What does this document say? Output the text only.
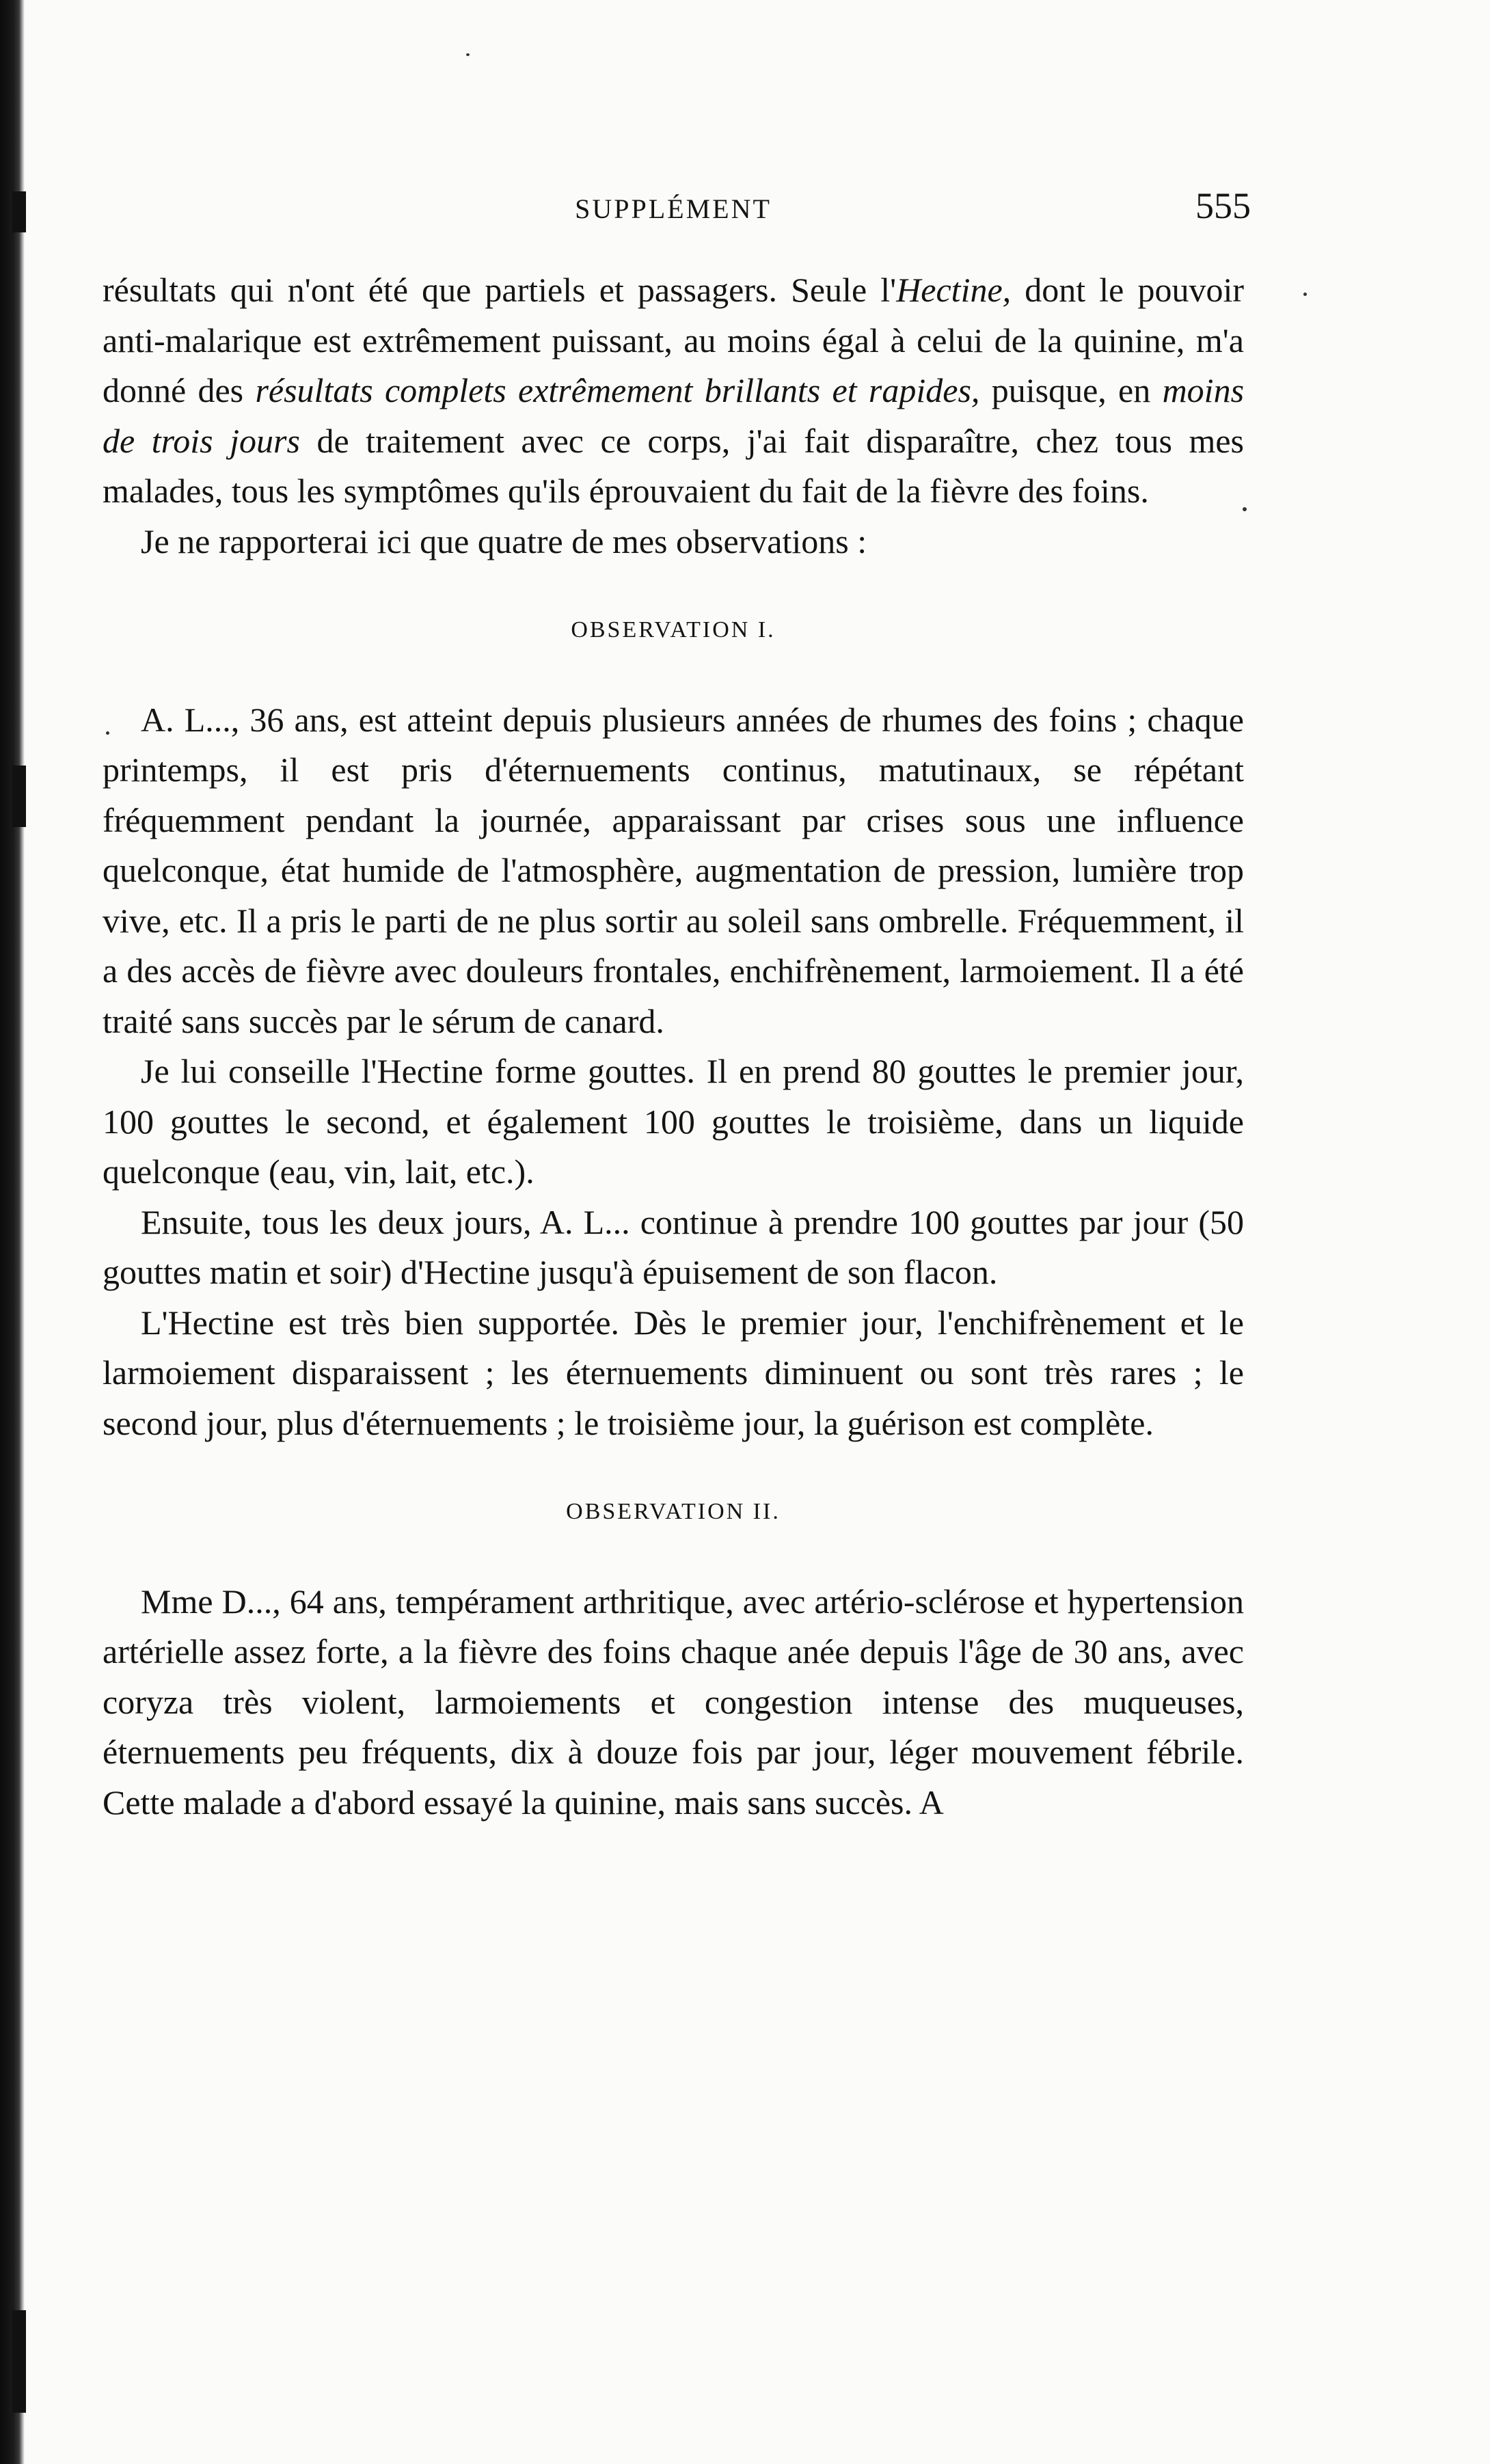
SUPPLÉMENT	555

résultats qui n'ont été que partiels et passagers. Seule l'Hectine, dont le pouvoir anti-malarique est extrêmement puissant, au moins égal à celui de la quinine, m'a donné des résultats complets extrêmement brillants et rapides, puisque, en moins de trois jours de traitement avec ce corps, j'ai fait disparaître, chez tous mes malades, tous les symptômes qu'ils éprouvaient du fait de la fièvre des foins.

Je ne rapporterai ici que quatre de mes observations :

OBSERVATION I.

A. L..., 36 ans, est atteint depuis plusieurs années de rhumes des foins ; chaque printemps, il est pris d'éternuements continus, matutinaux, se répétant fréquemment pendant la journée, apparaissant par crises sous une influence quelconque, état humide de l'atmosphère, augmentation de pression, lumière trop vive, etc. Il a pris le parti de ne plus sortir au soleil sans ombrelle. Fréquemment, il a des accès de fièvre avec douleurs frontales, enchifrènement, larmoiement. Il a été traité sans succès par le sérum de canard.

Je lui conseille l'Hectine forme gouttes. Il en prend 80 gouttes le premier jour, 100 gouttes le second, et également 100 gouttes le troisième, dans un liquide quelconque (eau, vin, lait, etc.).

Ensuite, tous les deux jours, A. L... continue à prendre 100 gouttes par jour (50 gouttes matin et soir) d'Hectine jusqu'à épuisement de son flacon.

L'Hectine est très bien supportée. Dès le premier jour, l'enchifrènement et le larmoiement disparaissent ; les éternuements diminuent ou sont très rares ; le second jour, plus d'éternuements ; le troisième jour, la guérison est complète.

OBSERVATION II.

Mme D..., 64 ans, tempérament arthritique, avec artério-sclérose et hypertension artérielle assez forte, a la fièvre des foins chaque anée depuis l'âge de 30 ans, avec coryza très violent, larmoiements et congestion intense des muqueuses, éternuements peu fréquents, dix à douze fois par jour, léger mouvement fébrile. Cette malade a d'abord essayé la quinine, mais sans succès. A
